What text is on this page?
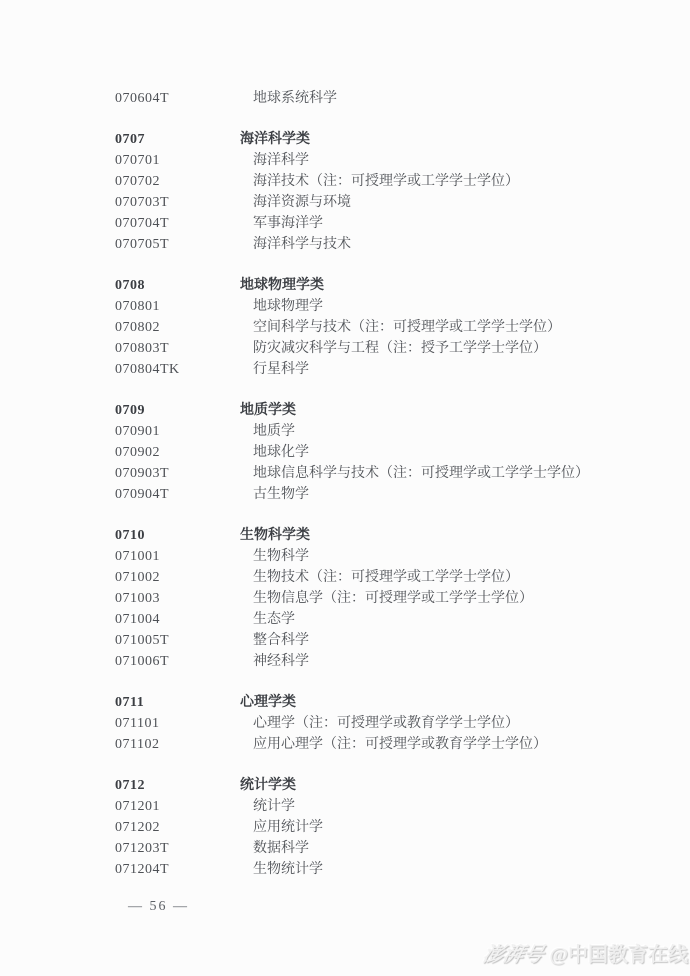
070604T	地球系统科学
0707	海洋科学类
070701	海洋科学
070702	海洋技术（注：可授理学或工学学士学位）
070703T	海洋资源与环境
070704T	军事海洋学
070705T	海洋科学与技术
0708	地球物理学类
070801	地球物理学
070802	空间科学与技术（注：可授理学或工学学士学位）
070803T	防灾减灾科学与工程（注：授予工学学士学位）
070804TK	行星科学
0709	地质学类
070901	地质学
070902	地球化学
070903T	地球信息科学与技术（注：可授理学或工学学士学位）
070904T	古生物学
0710	生物科学类
071001	生物科学
071002	生物技术（注：可授理学或工学学士学位）
071003	生物信息学（注：可授理学或工学学士学位）
071004	生态学
071005T	整合科学
071006T	神经科学
0711	心理学类
071101	心理学（注：可授理学或教育学学士学位）
071102	应用心理学（注：可授理学或教育学学士学位）
0712	统计学类
071201	统计学
071202	应用统计学
071203T	数据科学
071204T	生物统计学
— 56 —
澎湃号 @中国教育在线
